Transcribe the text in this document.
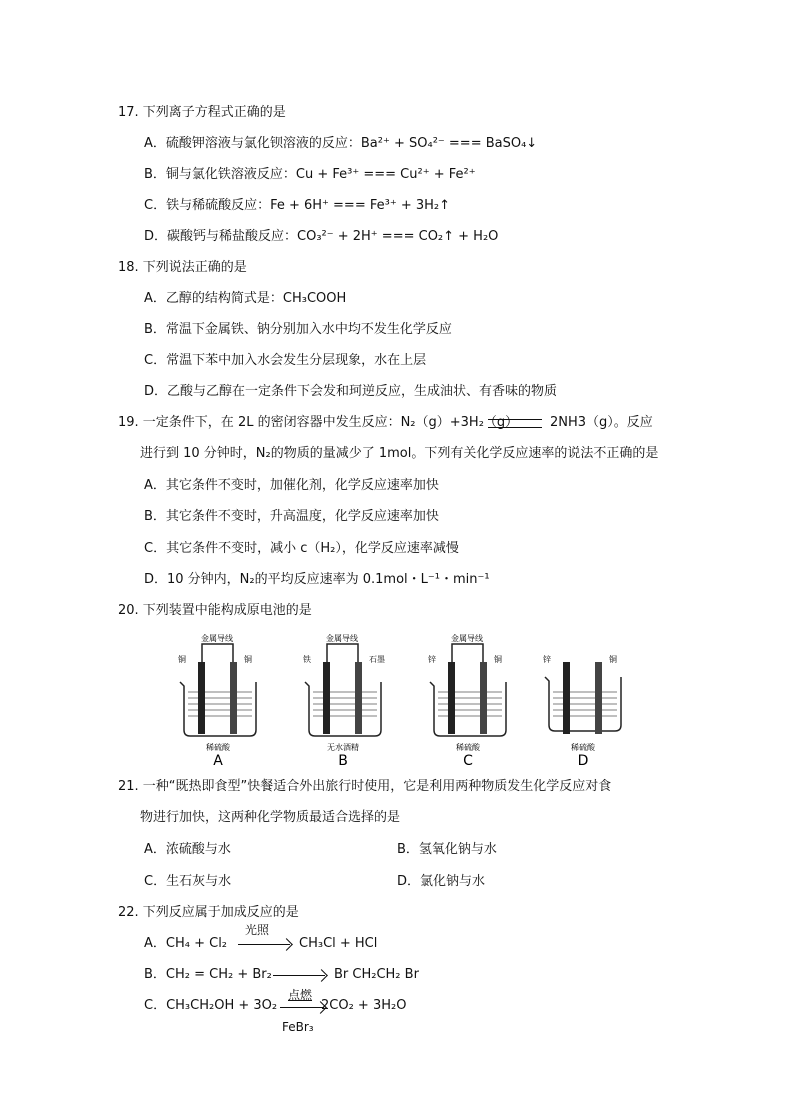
17. 下列离子方程式正确的是
A．硫酸钾溶液与氯化钡溶液的反应：Ba²⁺ + SO₄²⁻ === BaSO₄↓
B．铜与氯化铁溶液反应：Cu + Fe³⁺ === Cu²⁺ + Fe²⁺
C．铁与稀硫酸反应：Fe + 6H⁺ === Fe³⁺ + 3H₂↑
D．碳酸钙与稀盐酸反应：CO₃²⁻ + 2H⁺ === CO₂↑ + H₂O
18. 下列说法正确的是
A．乙醇的结构简式是：CH₃COOH
B．常温下金属铁、钠分别加入水中均不发生化学反应
C．常温下苯中加入水会发生分层现象，水在上层
D．乙酸与乙醇在一定条件下会发和珂逆反应，生成油状、有香味的物质
19. 一定条件下，在 2L 的密闭容器中发生反应：N₂（g）+3H₂（g） 2NH3（g）。反应
进行到 10 分钟时，N₂的物质的量减少了 1mol。下列有关化学反应速率的说法不正确的是
A．其它条件不变时，加催化剂，化学反应速率加快
B．其它条件不变时，升高温度，化学反应速率加快
C．其它条件不变时，减小 c（H₂），化学反应速率减慢
D．10 分钟内，N₂的平均反应速率为 0.1mol・L⁻¹・min⁻¹
20. 下列装置中能构成原电池的是
金属导线
铜	铜
稀硫酸
A
金属导线
铁	石墨
无水酒精
B
金属导线
锌	铜
稀硫酸
C
锌	铜
稀硫酸
D
21. 一种“既热即食型”快餐适合外出旅行时使用，它是利用两种物质发生化学反应对食
物进行加快，这两种化学物质最适合选择的是
A．浓硫酸与水	B．氢氧化钠与水
C．生石灰与水	D．氯化钠与水
22. 下列反应属于加成反应的是
光照
A．CH₄ + Cl₂	CH₃Cl + HCl
B．CH₂ = CH₂ + Br₂	Br CH₂CH₂ Br
点燃
C．CH₃CH₂OH + 3O₂	2CO₂ + 3H₂O
FeBr₃
